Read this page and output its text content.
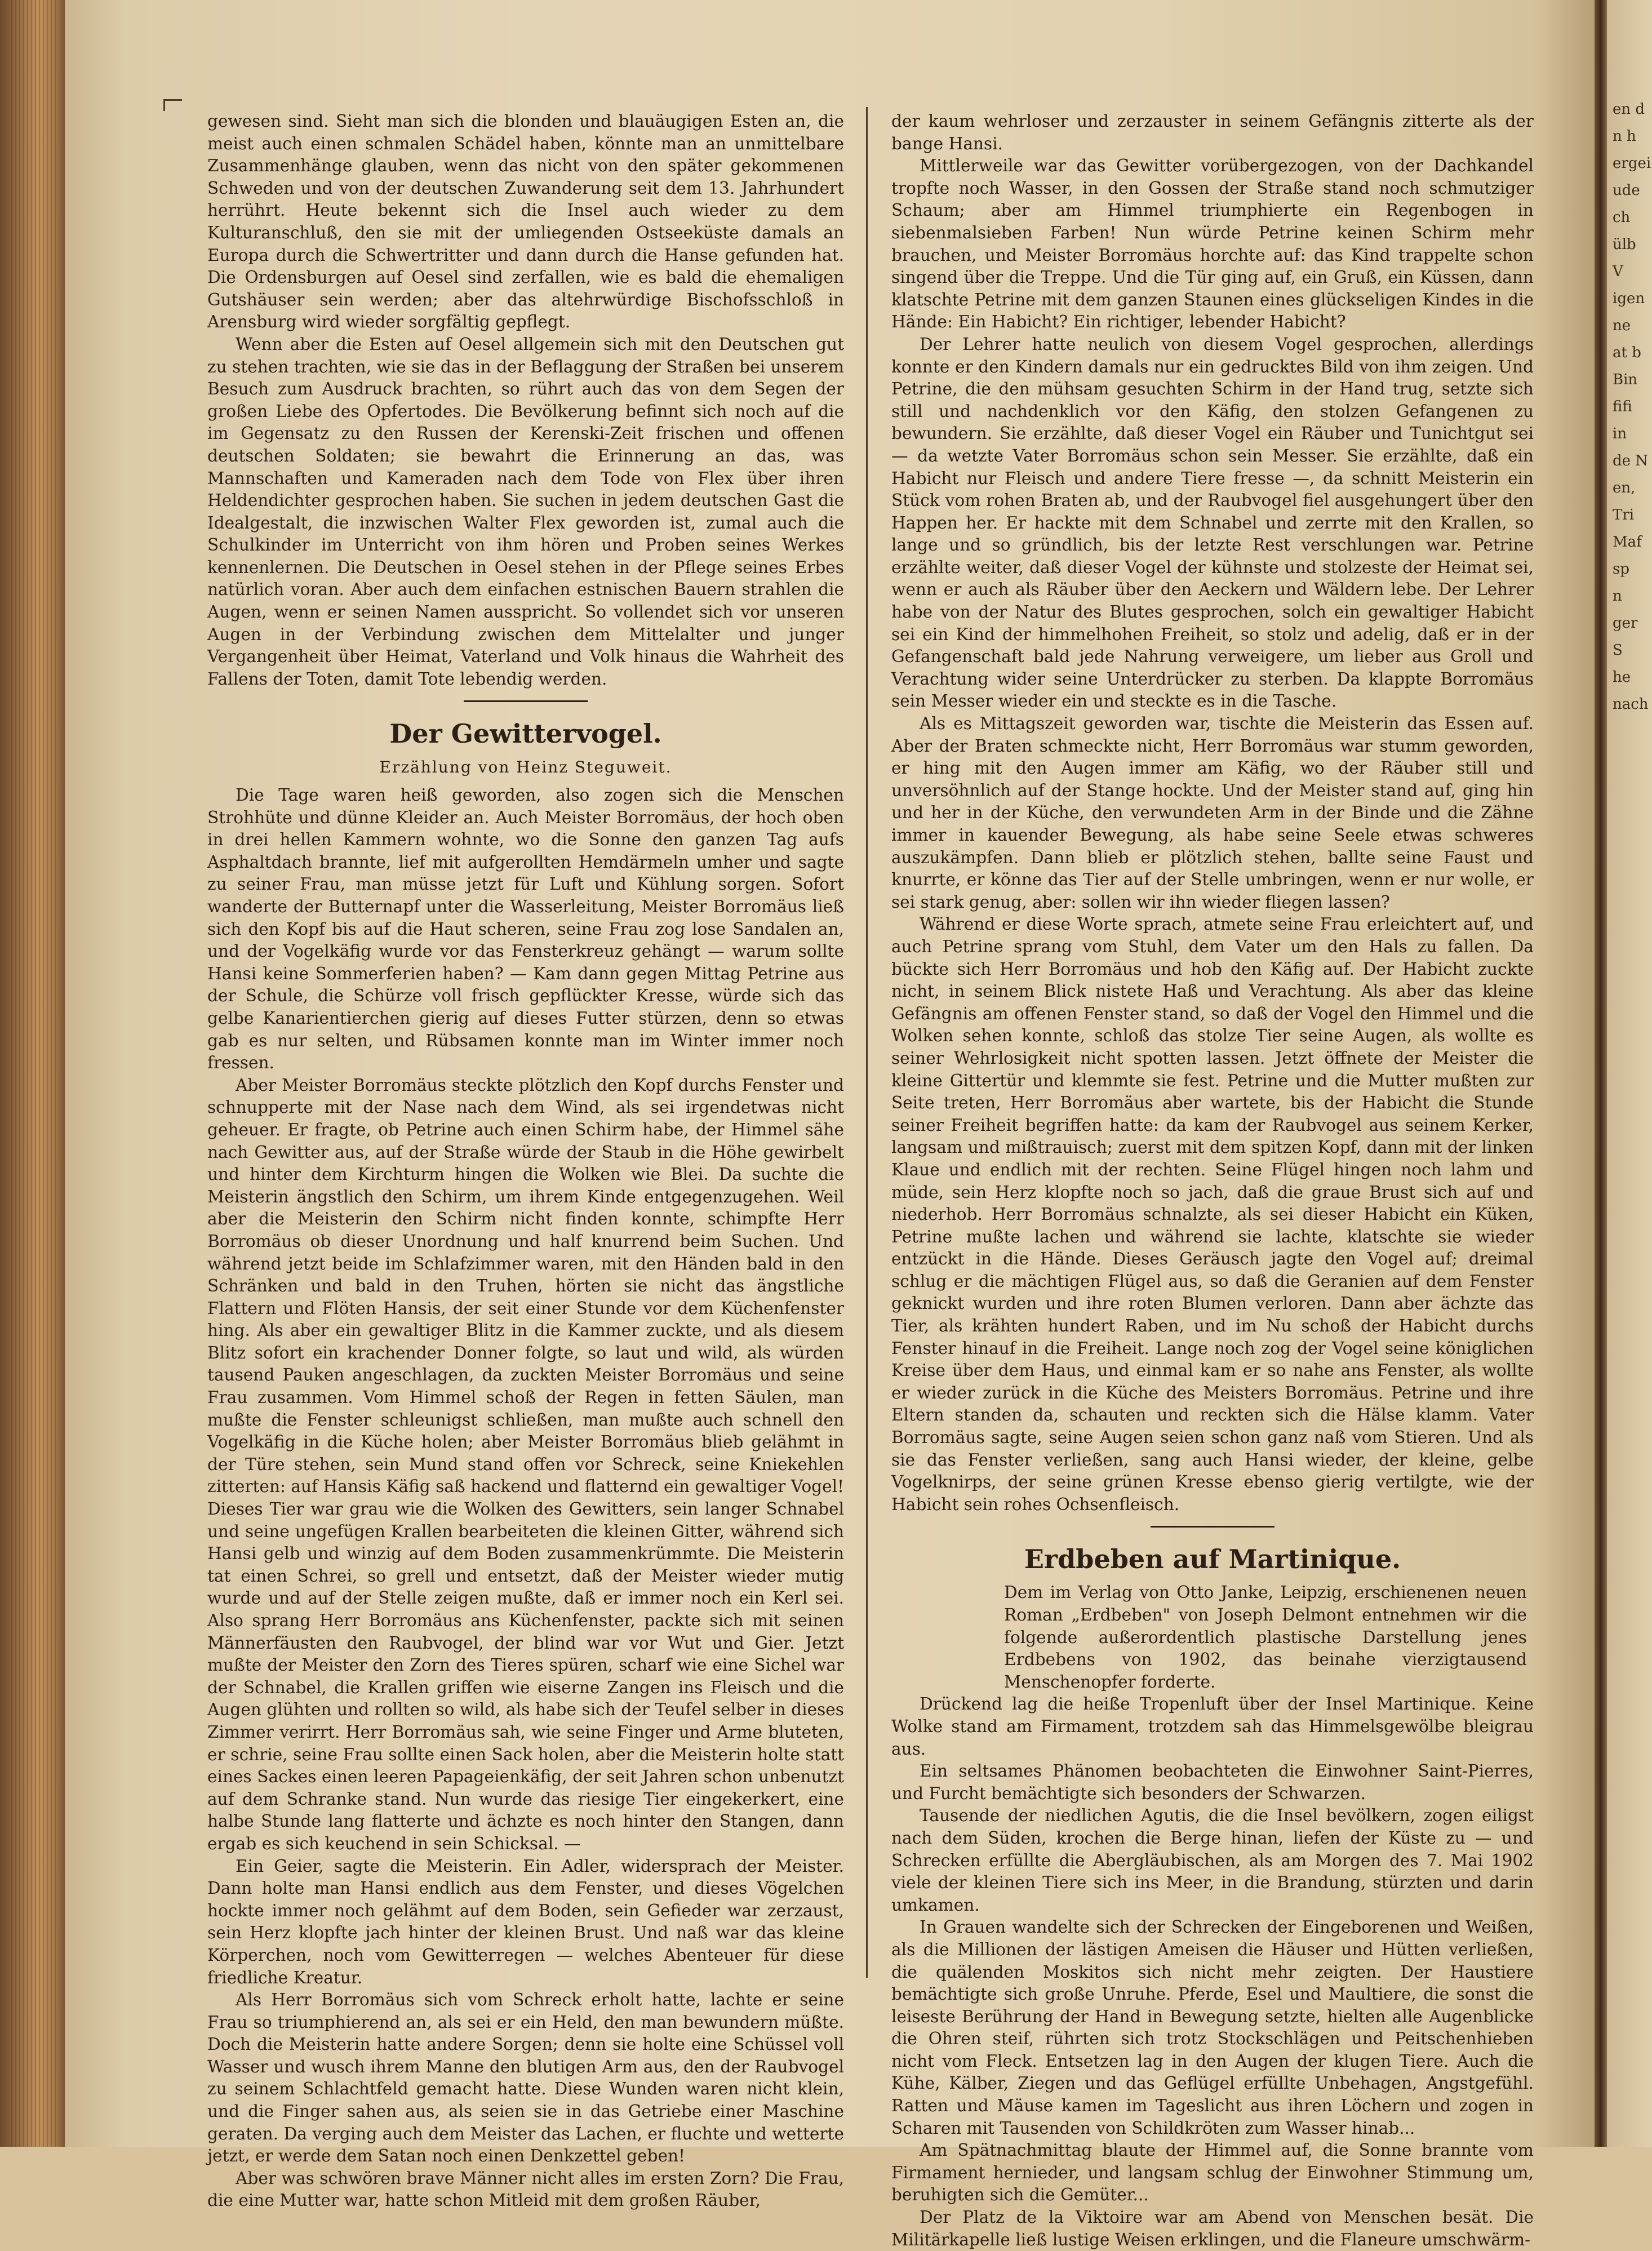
gewesen sind. Sieht man sich die blonden und blauäugigen Esten an, die meist auch einen schmalen Schädel haben, könnte man an unmittelbare Zusammenhänge glauben, wenn das nicht von den später gekommenen Schweden und von der deutschen Zuwanderung seit dem 13. Jahrhundert herrührt. Heute bekennt sich die Insel auch wieder zu dem Kulturanschluß, den sie mit der umliegenden Ostseeküste damals an Europa durch die Schwertritter und dann durch die Hanse gefunden hat. Die Ordensburgen auf Oesel sind zerfallen, wie es bald die ehemaligen Gutshäuser sein werden; aber das altehrwürdige Bischofsschloß in Arensburg wird wieder sorgfältig gepflegt.

Wenn aber die Esten auf Oesel allgemein sich mit den Deutschen gut zu stehen trachten, wie sie das in der Beflaggung der Straßen bei unserem Besuch zum Ausdruck brachten, so rührt auch das von dem Segen der großen Liebe des Opfertodes. Die Bevölkerung befinnt sich noch auf die im Gegensatz zu den Russen der Kerenski-Zeit frischen und offenen deutschen Soldaten; sie bewahrt die Erinnerung an das, was Mannschaften und Kameraden nach dem Tode von Flex über ihren Heldendichter gesprochen haben. Sie suchen in jedem deutschen Gast die Idealgestalt, die inzwischen Walter Flex geworden ist, zumal auch die Schulkinder im Unterricht von ihm hören und Proben seines Werkes kennenlernen. Die Deutschen in Oesel stehen in der Pflege seines Erbes natürlich voran. Aber auch dem einfachen estnischen Bauern strahlen die Augen, wenn er seinen Namen ausspricht. So vollendet sich vor unseren Augen in der Verbindung zwischen dem Mittelalter und junger Vergangenheit über Heimat, Vaterland und Volk hinaus die Wahrheit des Fallens der Toten, damit Tote lebendig werden.

Der Gewittervogel.
Erzählung von Heinz Steguweit.

Die Tage waren heiß geworden, also zogen sich die Menschen Strohhüte und dünne Kleider an. Auch Meister Borromäus, der hoch oben in drei hellen Kammern wohnte, wo die Sonne den ganzen Tag aufs Asphaltdach brannte, lief mit aufgerollten Hemdärmeln umher und sagte zu seiner Frau, man müsse jetzt für Luft und Kühlung sorgen. Sofort wanderte der Butternapf unter die Wasserleitung, Meister Borromäus ließ sich den Kopf bis auf die Haut scheren, seine Frau zog lose Sandalen an, und der Vogelkäfig wurde vor das Fensterkreuz gehängt — warum sollte Hansi keine Sommerferien haben? — Kam dann gegen Mittag Petrine aus der Schule, die Schürze voll frisch gepflückter Kresse, würde sich das gelbe Kanarientierchen gierig auf dieses Futter stürzen, denn so etwas gab es nur selten, und Rübsamen konnte man im Winter immer noch fressen.

Aber Meister Borromäus steckte plötzlich den Kopf durchs Fenster und schnupperte mit der Nase nach dem Wind, als sei irgendetwas nicht geheuer. Er fragte, ob Petrine auch einen Schirm habe, der Himmel sähe nach Gewitter aus, auf der Straße würde der Staub in die Höhe gewirbelt und hinter dem Kirchturm hingen die Wolken wie Blei. Da suchte die Meisterin ängstlich den Schirm, um ihrem Kinde entgegenzugehen. Weil aber die Meisterin den Schirm nicht finden konnte, schimpfte Herr Borromäus ob dieser Unordnung und half knurrend beim Suchen. Und während jetzt beide im Schlafzimmer waren, mit den Händen bald in den Schränken und bald in den Truhen, hörten sie nicht das ängstliche Flattern und Flöten Hansis, der seit einer Stunde vor dem Küchenfenster hing. Als aber ein gewaltiger Blitz in die Kammer zuckte, und als diesem Blitz sofort ein krachender Donner folgte, so laut und wild, als würden tausend Pauken angeschlagen, da zuckten Meister Borromäus und seine Frau zusammen. Vom Himmel schoß der Regen in fetten Säulen, man mußte die Fenster schleunigst schließen, man mußte auch schnell den Vogelkäfig in die Küche holen; aber Meister Borromäus blieb gelähmt in der Türe stehen, sein Mund stand offen vor Schreck, seine Kniekehlen zitterten: auf Hansis Käfig saß hackend und flatternd ein gewaltiger Vogel! Dieses Tier war grau wie die Wolken des Gewitters, sein langer Schnabel und seine ungefügen Krallen bearbeiteten die kleinen Gitter, während sich Hansi gelb und winzig auf dem Boden zusammenkrümmte. Die Meisterin tat einen Schrei, so grell und entsetzt, daß der Meister wieder mutig wurde und auf der Stelle zeigen mußte, daß er immer noch ein Kerl sei. Also sprang Herr Borromäus ans Küchenfenster, packte sich mit seinen Männerfäusten den Raubvogel, der blind war vor Wut und Gier. Jetzt mußte der Meister den Zorn des Tieres spüren, scharf wie eine Sichel war der Schnabel, die Krallen griffen wie eiserne Zangen ins Fleisch und die Augen glühten und rollten so wild, als habe sich der Teufel selber in dieses Zimmer verirrt. Herr Borromäus sah, wie seine Finger und Arme bluteten, er schrie, seine Frau sollte einen Sack holen, aber die Meisterin holte statt eines Sackes einen leeren Papageienkäfig, der seit Jahren schon unbenutzt auf dem Schranke stand. Nun wurde das riesige Tier eingekerkert, eine halbe Stunde lang flatterte und ächzte es noch hinter den Stangen, dann ergab es sich keuchend in sein Schicksal. —

Ein Geier, sagte die Meisterin. Ein Adler, widersprach der Meister. Dann holte man Hansi endlich aus dem Fenster, und dieses Vögelchen hockte immer noch gelähmt auf dem Boden, sein Gefieder war zerzaust, sein Herz klopfte jach hinter der kleinen Brust. Und naß war das kleine Körperchen, noch vom Gewitterregen — welches Abenteuer für diese friedliche Kreatur.

Als Herr Borromäus sich vom Schreck erholt hatte, lachte er seine Frau so triumphierend an, als sei er ein Held, den man bewundern müßte. Doch die Meisterin hatte andere Sorgen; denn sie holte eine Schüssel voll Wasser und wusch ihrem Manne den blutigen Arm aus, den der Raubvogel zu seinem Schlachtfeld gemacht hatte. Diese Wunden waren nicht klein, und die Finger sahen aus, als seien sie in das Getriebe einer Maschine geraten. Da verging auch dem Meister das Lachen, er fluchte und wetterte jetzt, er werde dem Satan noch einen Denkzettel geben!

Aber was schwören brave Männer nicht alles im ersten Zorn? Die Frau, die eine Mutter war, hatte schon Mitleid mit dem großen Räuber,

der kaum wehrloser und zerzauster in seinem Gefängnis zitterte als der bange Hansi.

Mittlerweile war das Gewitter vorübergezogen, von der Dachkandel tropfte noch Wasser, in den Gossen der Straße stand noch schmutziger Schaum; aber am Himmel triumphierte ein Regenbogen in siebenmalsieben Farben! Nun würde Petrine keinen Schirm mehr brauchen, und Meister Borromäus horchte auf: das Kind trappelte schon singend über die Treppe. Und die Tür ging auf, ein Gruß, ein Küssen, dann klatschte Petrine mit dem ganzen Staunen eines glückseligen Kindes in die Hände: Ein Habicht? Ein richtiger, lebender Habicht?

Der Lehrer hatte neulich von diesem Vogel gesprochen, allerdings konnte er den Kindern damals nur ein gedrucktes Bild von ihm zeigen. Und Petrine, die den mühsam gesuchten Schirm in der Hand trug, setzte sich still und nachdenklich vor den Käfig, den stolzen Gefangenen zu bewundern. Sie erzählte, daß dieser Vogel ein Räuber und Tunichtgut sei — da wetzte Vater Borromäus schon sein Messer. Sie erzählte, daß ein Habicht nur Fleisch und andere Tiere fresse —, da schnitt Meisterin ein Stück vom rohen Braten ab, und der Raubvogel fiel ausgehungert über den Happen her. Er hackte mit dem Schnabel und zerrte mit den Krallen, so lange und so gründlich, bis der letzte Rest verschlungen war. Petrine erzählte weiter, daß dieser Vogel der kühnste und stolzeste der Heimat sei, wenn er auch als Räuber über den Aeckern und Wäldern lebe. Der Lehrer habe von der Natur des Blutes gesprochen, solch ein gewaltiger Habicht sei ein Kind der himmelhohen Freiheit, so stolz und adelig, daß er in der Gefangenschaft bald jede Nahrung verweigere, um lieber aus Groll und Verachtung wider seine Unterdrücker zu sterben. Da klappte Borromäus sein Messer wieder ein und steckte es in die Tasche.

Als es Mittagszeit geworden war, tischte die Meisterin das Essen auf. Aber der Braten schmeckte nicht, Herr Borromäus war stumm geworden, er hing mit den Augen immer am Käfig, wo der Räuber still und unversöhnlich auf der Stange hockte. Und der Meister stand auf, ging hin und her in der Küche, den verwundeten Arm in der Binde und die Zähne immer in kauender Bewegung, als habe seine Seele etwas schweres auszukämpfen. Dann blieb er plötzlich stehen, ballte seine Faust und knurrte, er könne das Tier auf der Stelle umbringen, wenn er nur wolle, er sei stark genug, aber: sollen wir ihn wieder fliegen lassen?

Während er diese Worte sprach, atmete seine Frau erleichtert auf, und auch Petrine sprang vom Stuhl, dem Vater um den Hals zu fallen. Da bückte sich Herr Borromäus und hob den Käfig auf. Der Habicht zuckte nicht, in seinem Blick nistete Haß und Verachtung. Als aber das kleine Gefängnis am offenen Fenster stand, so daß der Vogel den Himmel und die Wolken sehen konnte, schloß das stolze Tier seine Augen, als wollte es seiner Wehrlosigkeit nicht spotten lassen. Jetzt öffnete der Meister die kleine Gittertür und klemmte sie fest. Petrine und die Mutter mußten zur Seite treten, Herr Borromäus aber wartete, bis der Habicht die Stunde seiner Freiheit begriffen hatte: da kam der Raubvogel aus seinem Kerker, langsam und mißtrauisch; zuerst mit dem spitzen Kopf, dann mit der linken Klaue und endlich mit der rechten. Seine Flügel hingen noch lahm und müde, sein Herz klopfte noch so jach, daß die graue Brust sich auf und niederhob. Herr Borromäus schnalzte, als sei dieser Habicht ein Küken, Petrine mußte lachen und während sie lachte, klatschte sie wieder entzückt in die Hände. Dieses Geräusch jagte den Vogel auf; dreimal schlug er die mächtigen Flügel aus, so daß die Geranien auf dem Fenster geknickt wurden und ihre roten Blumen verloren. Dann aber ächzte das Tier, als krähten hundert Raben, und im Nu schoß der Habicht durchs Fenster hinauf in die Freiheit. Lange noch zog der Vogel seine königlichen Kreise über dem Haus, und einmal kam er so nahe ans Fenster, als wollte er wieder zurück in die Küche des Meisters Borromäus. Petrine und ihre Eltern standen da, schauten und reckten sich die Hälse klamm. Vater Borromäus sagte, seine Augen seien schon ganz naß vom Stieren. Und als sie das Fenster verließen, sang auch Hansi wieder, der kleine, gelbe Vogelknirps, der seine grünen Kresse ebenso gierig vertilgte, wie der Habicht sein rohes Ochsenfleisch.

Erdbeben auf Martinique.

Dem im Verlag von Otto Janke, Leipzig, erschienenen neuen Roman „Erdbeben" von Joseph Delmont entnehmen wir die folgende außerordentlich plastische Darstellung jenes Erdbebens von 1902, das beinahe vierzigtausend Menschenopfer forderte.

Drückend lag die heiße Tropenluft über der Insel Martinique. Keine Wolke stand am Firmament, trotzdem sah das Himmelsgewölbe bleigrau aus.

Ein seltsames Phänomen beobachteten die Einwohner Saint-Pierres, und Furcht bemächtigte sich besonders der Schwarzen.

Tausende der niedlichen Agutis, die die Insel bevölkern, zogen eiligst nach dem Süden, krochen die Berge hinan, liefen der Küste zu — und Schrecken erfüllte die Abergläubischen, als am Morgen des 7. Mai 1902 viele der kleinen Tiere sich ins Meer, in die Brandung, stürzten und darin umkamen.

In Grauen wandelte sich der Schrecken der Eingeborenen und Weißen, als die Millionen der lästigen Ameisen die Häuser und Hütten verließen, die quälenden Moskitos sich nicht mehr zeigten. Der Haustiere bemächtigte sich große Unruhe. Pferde, Esel und Maultiere, die sonst die leiseste Berührung der Hand in Bewegung setzte, hielten alle Augenblicke die Ohren steif, rührten sich trotz Stockschlägen und Peitschenhieben nicht vom Fleck. Entsetzen lag in den Augen der klugen Tiere. Auch die Kühe, Kälber, Ziegen und das Geflügel erfüllte Unbehagen, Angstgefühl. Ratten und Mäuse kamen im Tageslicht aus ihren Löchern und zogen in Scharen mit Tausenden von Schildkröten zum Wasser hinab...

Am Spätnachmittag blaute der Himmel auf, die Sonne brannte vom Firmament hernieder, und langsam schlug der Einwohner Stimmung um, beruhigten sich die Gemüter...

Der Platz de la Viktoire war am Abend von Menschen besät. Die Militärkapelle ließ lustige Weisen erklingen, und die Flaneure umschwärm-

en d
n h
ergei
ude
ch
ülb
V
igen
ne
at b
Bin
fifi
in
de N
en,
Tri
Maf
sp
n
ger
S
he
nach
